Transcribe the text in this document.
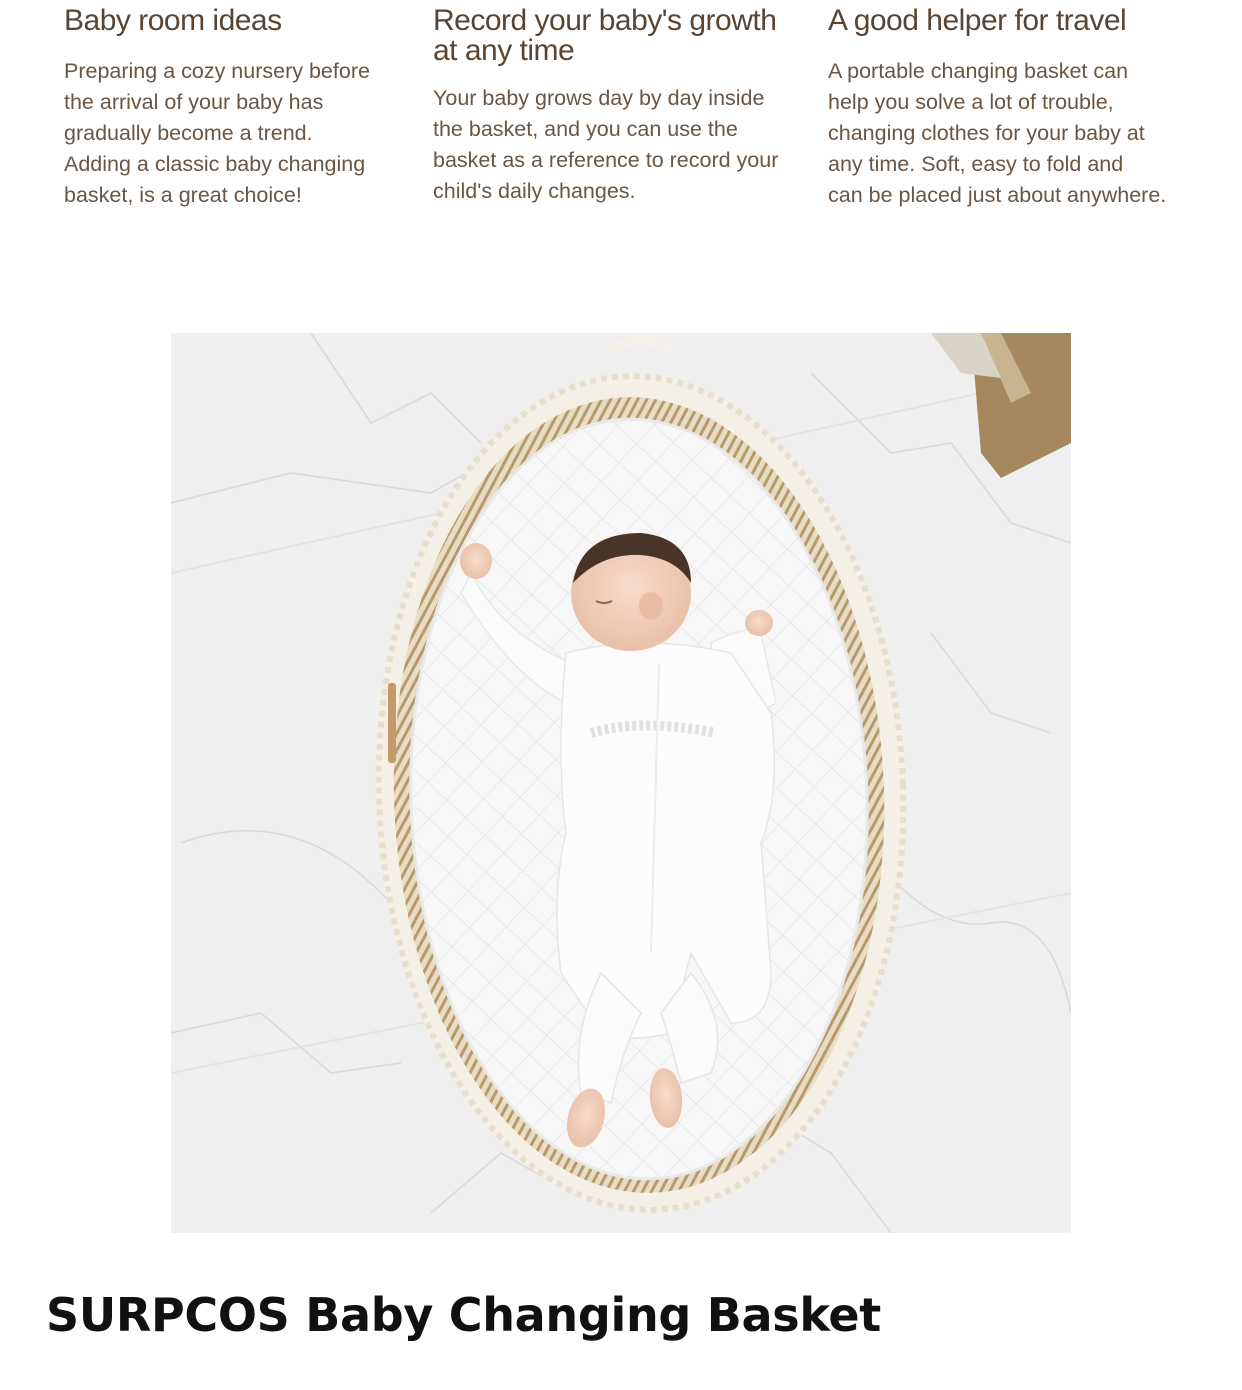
Baby room ideas

Preparing a cozy nursery before
the arrival of your baby has
gradually become a trend.
Adding a classic baby changing
basket, is a great choice!

Record your baby's growth
at any time

Your baby grows day by day inside
the basket, and you can use the
basket as a reference to record your
child's daily changes.

A good helper for travel

A portable changing basket can
help you solve a lot of trouble,
changing clothes for your baby at
any time. Soft, easy to fold and
can be placed just about anywhere.

SURPCOS Baby Changing Basket
